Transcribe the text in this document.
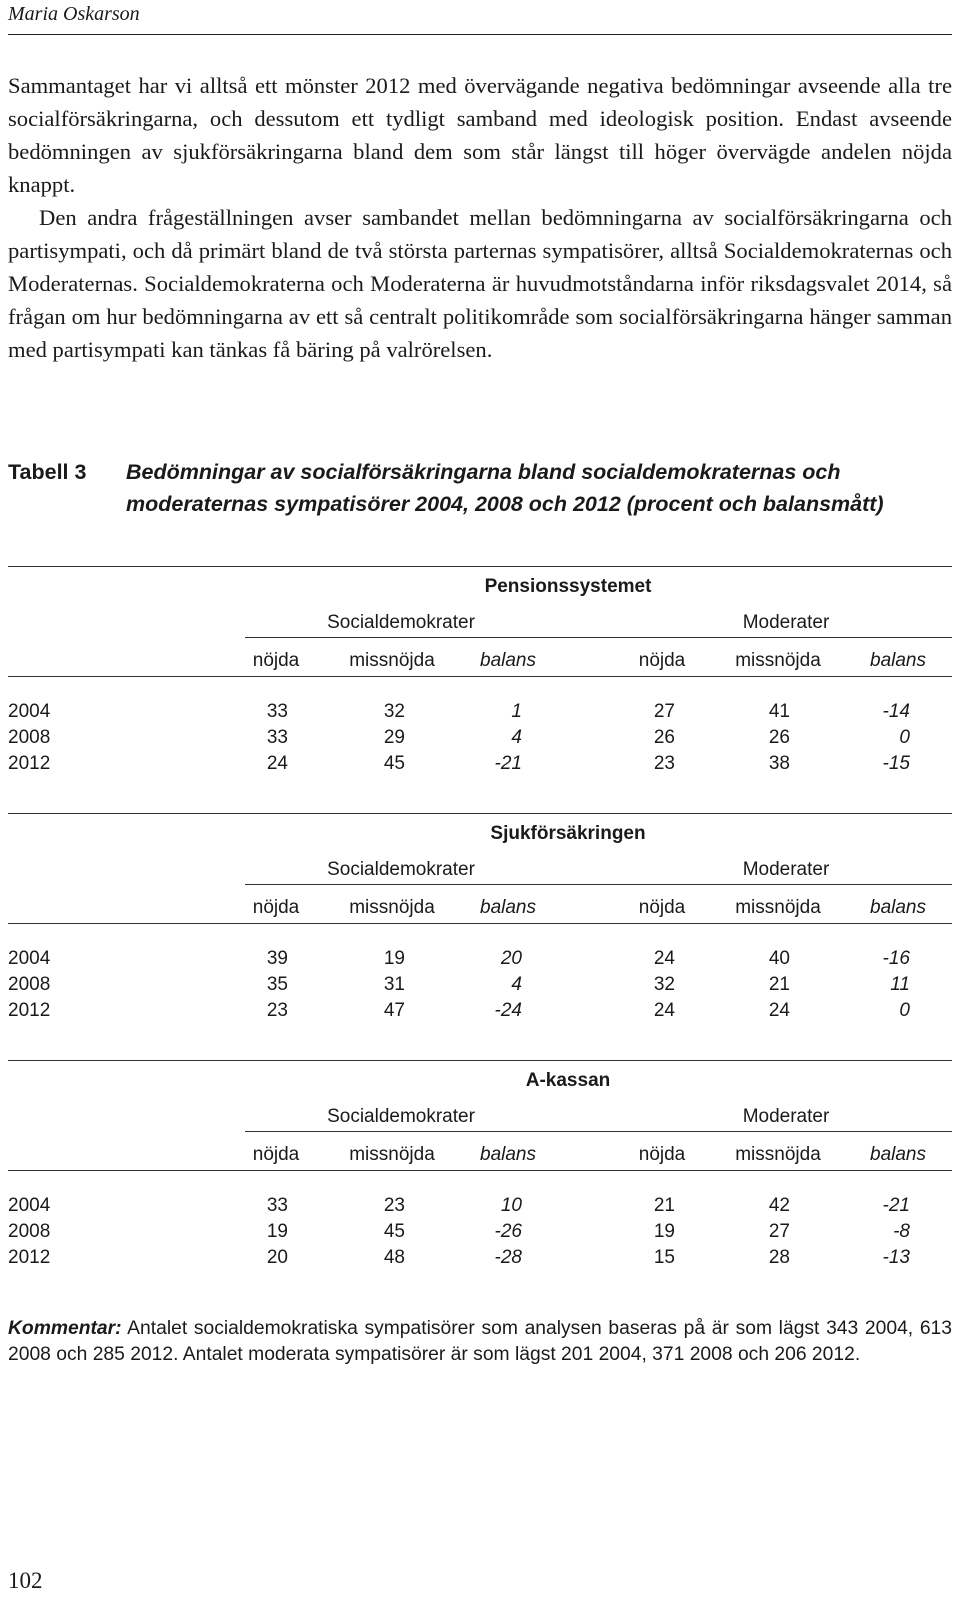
Maria Oskarson

Sammantaget har vi alltså ett mönster 2012 med övervägande negativa bedömningar avseende alla tre socialförsäkringarna, och dessutom ett tydligt samband med ideologisk position. Endast avseende bedömningen av sjukförsäkringarna bland dem som står längst till höger övervägde andelen nöjda knappt.

Den andra frågeställningen avser sambandet mellan bedömningarna av socialförsäkringarna och partisympati, och då primärt bland de två största parternas sympatisörer, alltså Socialdemokraternas och Moderaternas. Socialdemokraterna och Moderaterna är huvudmotståndarna inför riksdagsvalet 2014, så frågan om hur bedömningarna av ett så centralt politikområde som socialförsäkringarna hänger samman med partisympati kan tänkas få bäring på valrörelsen.

Tabell 3 Bedömningar av socialförsäkringarna bland socialdemokraternas och moderaternas sympatisörer 2004, 2008 och 2012 (procent och balansmått)
Pensionssystemet
Socialdemokrater	Moderater
nöjda	missnöjda balans	nöjda	missnöjda	balans
2004	33	32	1	27	41	-14
2008	33	29	4	26	26	0
2012	24	45	-21	23	38	-15
Sjukförsäkringen
Socialdemokrater	Moderater
nöjda	missnöjda balans	nöjda	missnöjda	balans
2004	39	19	20	24	40	-16
2008	35	31	4	32	21	11
2012	23	47	-24	24	24	0
A-kassan
Socialdemokrater	Moderater
nöjda	missnöjda balans	nöjda	missnöjda	balans
2004	33	23	10	21	42	-21
2008	19	45	-26	19	27	-8
2012	20	48	-28	15	28	-13
Kommentar: Antalet socialdemokratiska sympatisörer som analysen baseras på är som lägst 343 2004, 613 2008 och 285 2012. Antalet moderata sympatisörer är som lägst 201 2004, 371 2008 och 206 2012.
102
